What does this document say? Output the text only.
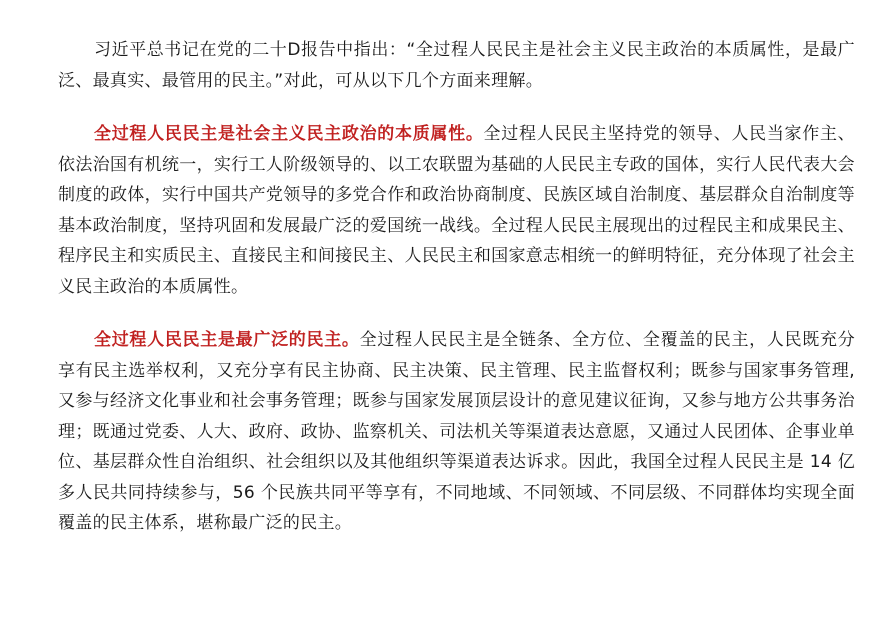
习近平总书记在党的二十D报告中指出：“全过程人民民主是社会主义民主政治的本质属性，是最广泛、最真实、最管用的民主。”对此，可从以下几个方面来理解。

全过程人民民主是社会主义民主政治的本质属性。全过程人民民主坚持党的领导、人民当家作主、依法治国有机统一，实行工人阶级领导的、以工农联盟为基础的人民民主专政的国体，实行人民代表大会制度的政体，实行中国共产党领导的多党合作和政治协商制度、民族区域自治制度、基层群众自治制度等基本政治制度，坚持巩固和发展最广泛的爱国统一战线。全过程人民民主展现出的过程民主和成果民主、程序民主和实质民主、直接民主和间接民主、人民民主和国家意志相统一的鲜明特征，充分体现了社会主义民主政治的本质属性。

全过程人民民主是最广泛的民主。全过程人民民主是全链条、全方位、全覆盖的民主，人民既充分享有民主选举权利，又充分享有民主协商、民主决策、民主管理、民主监督权利；既参与国家事务管理,又参与经济文化事业和社会事务管理；既参与国家发展顶层设计的意见建议征询，又参与地方公共事务治理；既通过党委、人大、政府、政协、监察机关、司法机关等渠道表达意愿，又通过人民团体、企事业单位、基层群众性自治组织、社会组织以及其他组织等渠道表达诉求。因此，我国全过程人民民主是 14 亿多人民共同持续参与，56 个民族共同平等享有，不同地域、不同领域、不同层级、不同群体均实现全面覆盖的民主体系，堪称最广泛的民主。
